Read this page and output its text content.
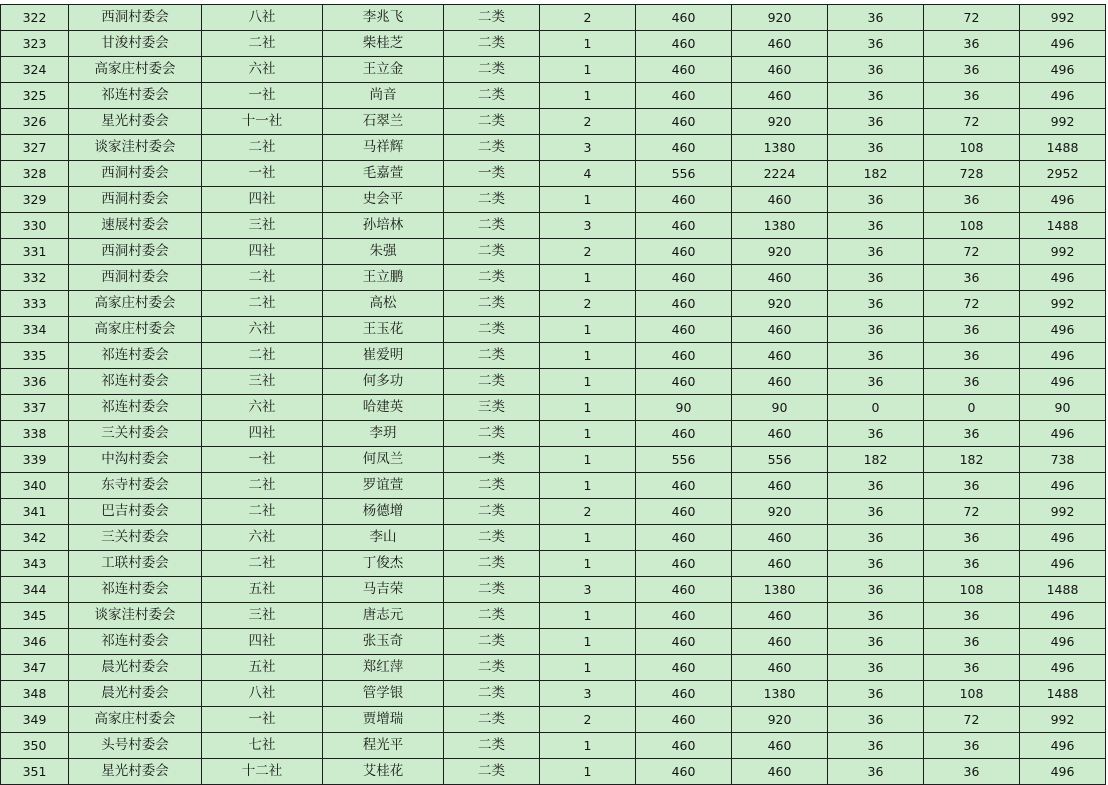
322	西洞村委会	八社	李兆飞	二类	2	460	920	36	72	992
323	甘浚村委会	二社	柴桂芝	二类	1	460	460	36	36	496
324	高家庄村委会	六社	王立金	二类	1	460	460	36	36	496
325	祁连村委会	一社	尚音	二类	1	460	460	36	36	496
326	星光村委会	十一社	石翠兰	二类	2	460	920	36	72	992
327	谈家洼村委会	二社	马祥辉	二类	3	460	1380	36	108	1488
328	西洞村委会	一社	毛嘉萱	一类	4	556	2224	182	728	2952
329	西洞村委会	四社	史会平	二类	1	460	460	36	36	496
330	速展村委会	三社	孙培林	二类	3	460	1380	36	108	1488
331	西洞村委会	四社	朱强	二类	2	460	920	36	72	992
332	西洞村委会	二社	王立鹏	二类	1	460	460	36	36	496
333	高家庄村委会	二社	高松	二类	2	460	920	36	72	992
334	高家庄村委会	六社	王玉花	二类	1	460	460	36	36	496
335	祁连村委会	二社	崔爱明	二类	1	460	460	36	36	496
336	祁连村委会	三社	何多功	二类	1	460	460	36	36	496
337	祁连村委会	六社	哈建英	三类	1	90	90	0	0	90
338	三关村委会	四社	李玥	二类	1	460	460	36	36	496
339	中沟村委会	一社	何凤兰	一类	1	556	556	182	182	738
340	东寺村委会	二社	罗谊萱	二类	1	460	460	36	36	496
341	巴吉村委会	二社	杨德增	二类	2	460	920	36	72	992
342	三关村委会	六社	李山	二类	1	460	460	36	36	496
343	工联村委会	二社	丁俊杰	二类	1	460	460	36	36	496
344	祁连村委会	五社	马吉荣	二类	3	460	1380	36	108	1488
345	谈家洼村委会	三社	唐志元	二类	1	460	460	36	36	496
346	祁连村委会	四社	张玉奇	二类	1	460	460	36	36	496
347	晨光村委会	五社	郑红萍	二类	1	460	460	36	36	496
348	晨光村委会	八社	管学银	二类	3	460	1380	36	108	1488
349	高家庄村委会	一社	贾增瑞	二类	2	460	920	36	72	992
350	头号村委会	七社	程光平	二类	1	460	460	36	36	496
351	星光村委会	十二社	艾桂花	二类	1	460	460	36	36	496
